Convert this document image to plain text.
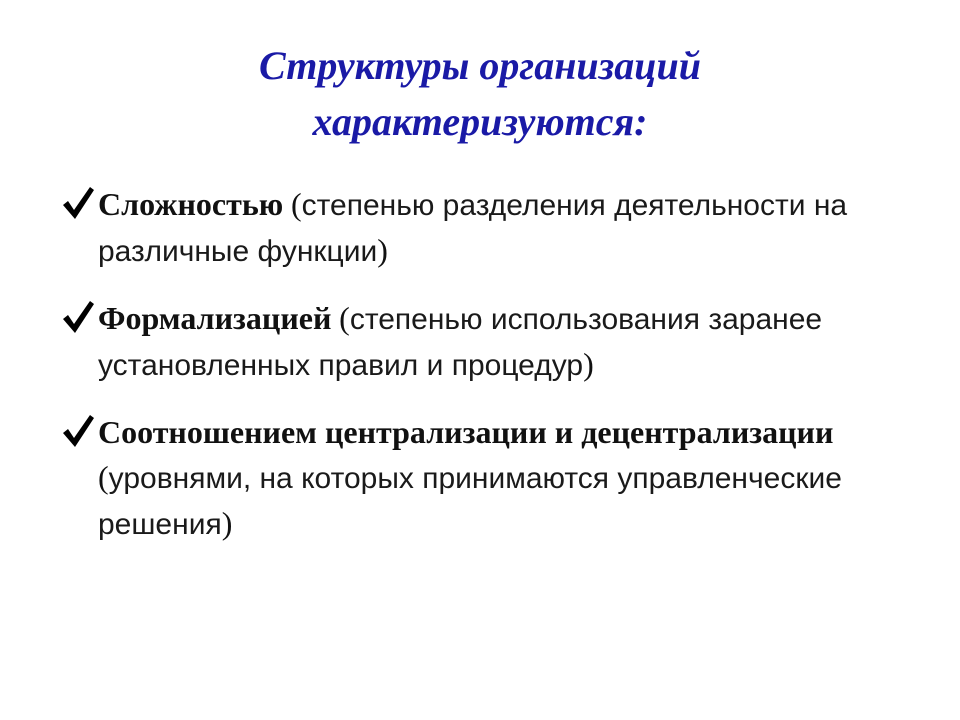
Структуры организаций
характеризуются:
Сложностью (степенью разделения деятельности на различные функции)
Формализацией (степенью использования заранее установленных правил и процедур)
Соотношением централизации и децентрализации (уровнями, на которых принимаются управленческие решения)
